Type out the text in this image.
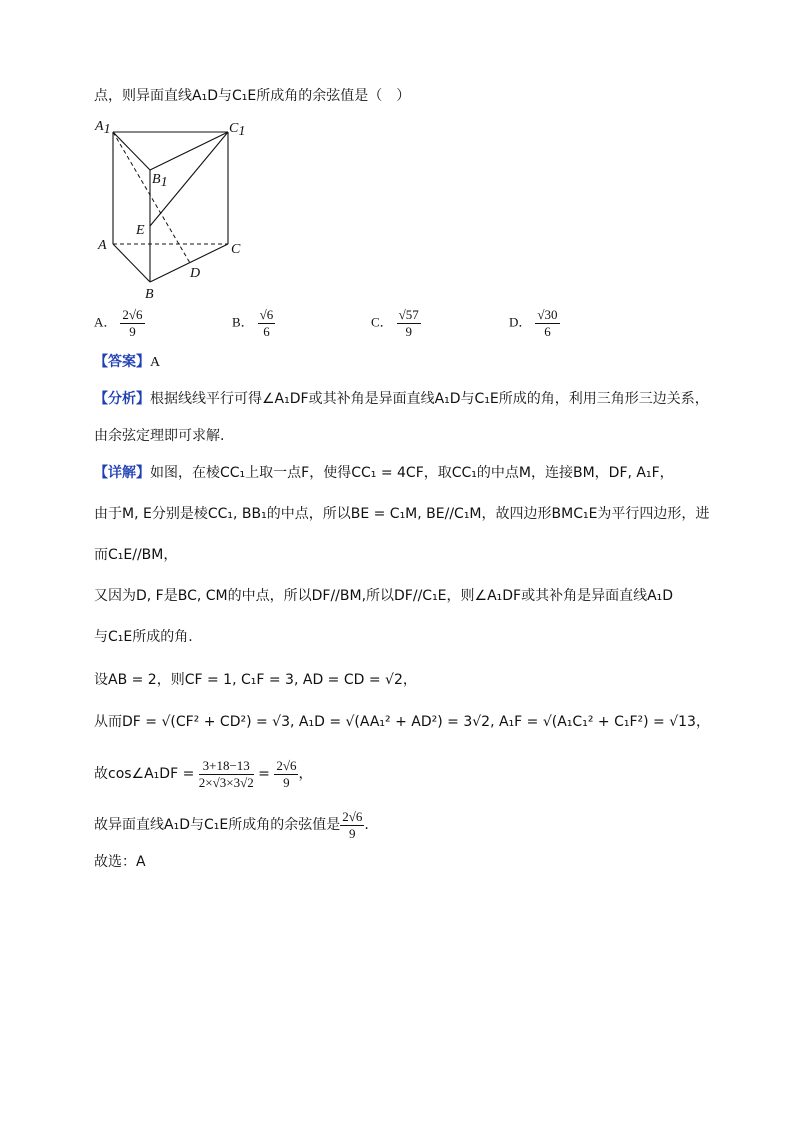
点，则异面直线A₁D与C₁E所成角的余弦值是（　）
A1	C1
B1
E
A	C
D
B
A． $\frac{2√6}{9}$	B． $\frac{√6}{6}$	C． $\frac{√57}{9}$	D． $\frac{√30}{6}$
【答案】A
【分析】根据线线平行可得∠A₁DF或其补角是异面直线A₁D与C₁E所成的角，利用三角形三边关系，
由余弦定理即可求解.
【详解】如图，在棱CC₁上取一点F，使得CC₁ = 4CF，取CC₁的中点M，连接BM，DF, A₁F，
由于M, E分别是棱CC₁, BB₁的中点，所以BE = C₁M, BE//C₁M，故四边形BMC₁E为平行四边形，进
而C₁E//BM，
又因为D, F是BC, CM的中点，所以DF//BM,所以DF//C₁E，则∠A₁DF或其补角是异面直线A₁D
与C₁E所成的角.
设AB = 2，则CF = 1, C₁F = 3, AD = CD = √2，
从而DF = √(CF² + CD²) = √3, A₁D = √(AA₁² + AD²) = 3√2, A₁F = √(A₁C₁² + C₁F²) = √13，
故cos∠A₁DF = $\frac{3+18-13}{2\times√3\times 3√2} = \frac{2√6}{9}$ ，
故异面直线A₁D与C₁E所成角的余弦值是 $\frac{2√6}{9}$ .
故选：A
